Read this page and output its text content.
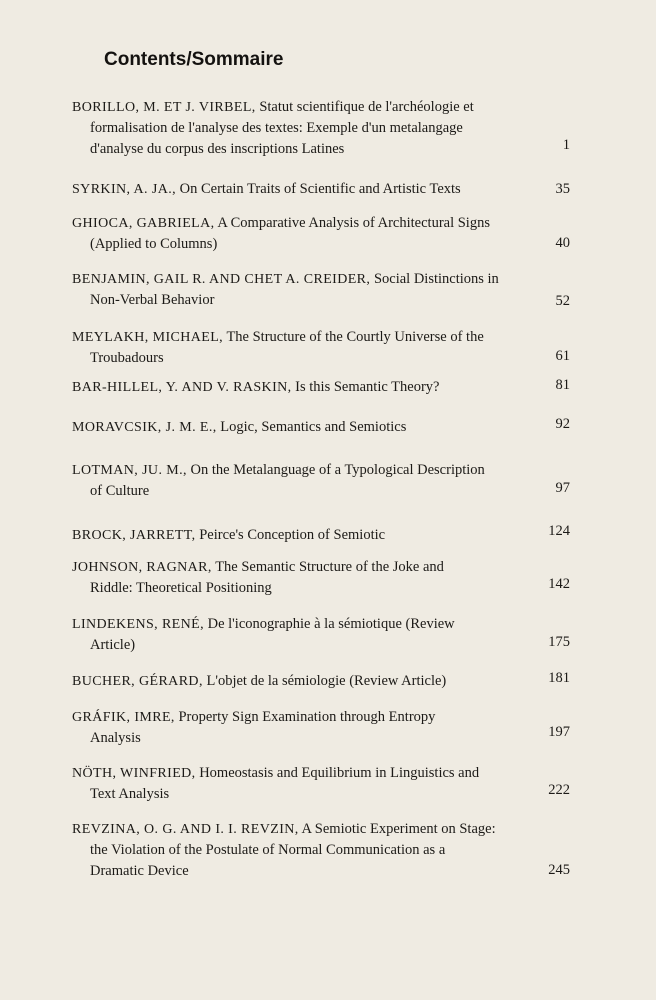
Contents/Sommaire
BORILLO, M. ET J. VIRBEL, Statut scientifique de l'archéologie et
formalisation de l'analyse des textes: Exemple d'un metalangage
d'analyse du corpus des inscriptions Latines	1
SYRKIN, A. JA., On Certain Traits of Scientific and Artistic Texts	35
GHIOCA, GABRIELA, A Comparative Analysis of Architectural Signs
(Applied to Columns)	40
BENJAMIN, GAIL R. AND CHET A. CREIDER, Social Distinctions in
Non-Verbal Behavior	52
MEYLAKH, MICHAEL, The Structure of the Courtly Universe of the
Troubadours	61
BAR-HILLEL, Y. AND V. RASKIN, Is this Semantic Theory?	81
MORAVCSIK, J. M. E., Logic, Semantics and Semiotics	92
LOTMAN, JU. M., On the Metalanguage of a Typological Description
of Culture	97
BROCK, JARRETT, Peirce's Conception of Semiotic	124
JOHNSON, RAGNAR, The Semantic Structure of the Joke and
Riddle: Theoretical Positioning	142
LINDEKENS, RENÉ, De l'iconographie à la sémiotique (Review
Article)	175
BUCHER, GÉRARD, L'objet de la sémiologie (Review Article)	181
GRÁFIK, IMRE, Property Sign Examination through Entropy
Analysis	197
NÖTH, WINFRIED, Homeostasis and Equilibrium in Linguistics and
Text Analysis	222
REVZINA, O. G. AND I. I. REVZIN, A Semiotic Experiment on Stage:
the Violation of the Postulate of Normal Communication as a
Dramatic Device	245
